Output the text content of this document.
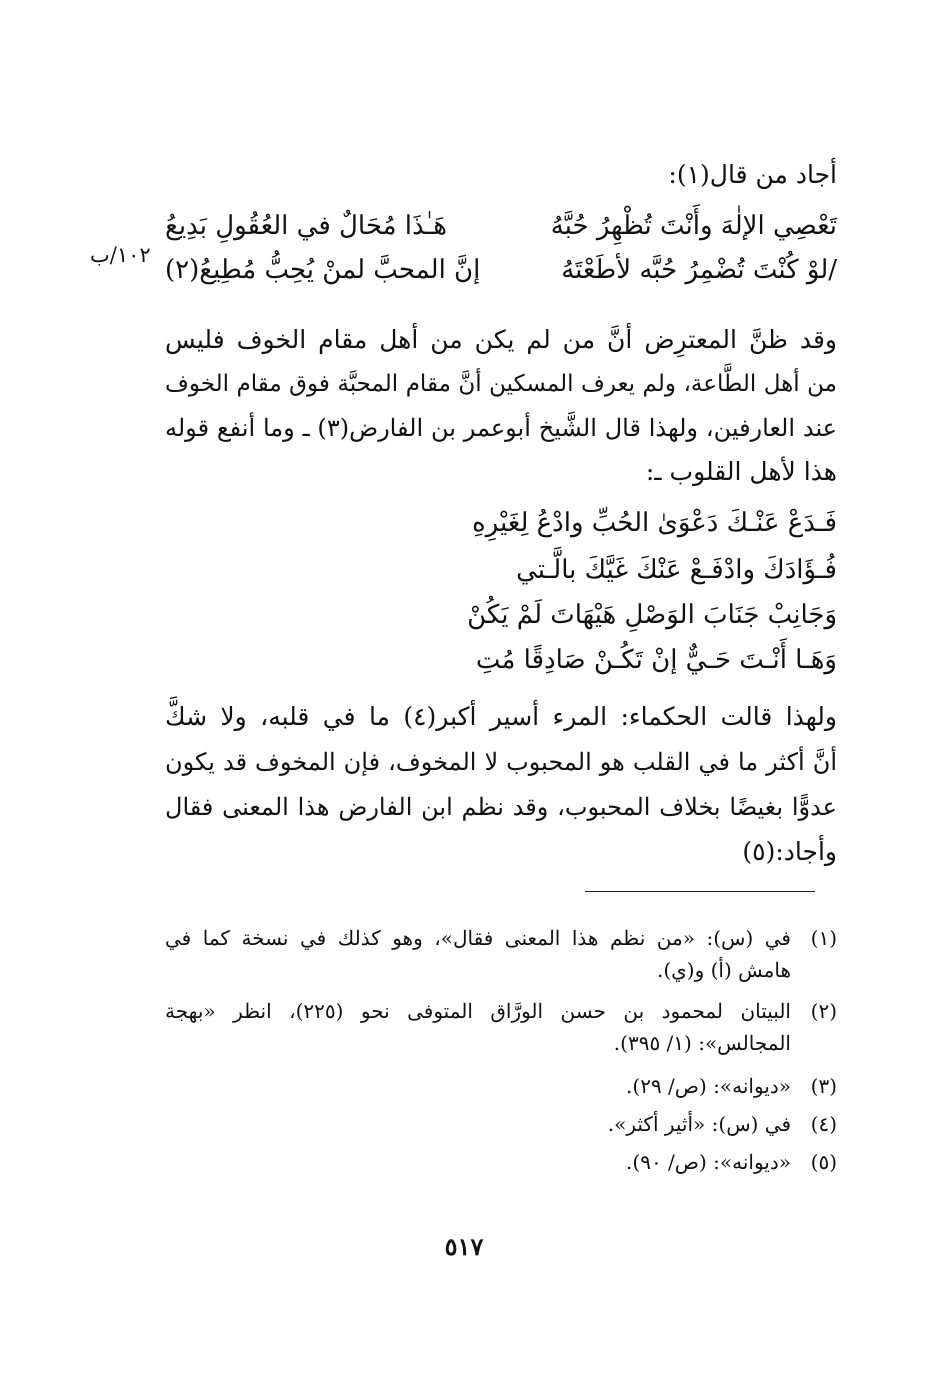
١٠٢/ب
أجاد من قال(١):
تَعْصِي الإلٰهَ وأَنْتَ تُظْهِرُ حُبَّهُ
هَـٰذَا مُحَالٌ في العُقُولِ بَدِيعُ
/لوْ كُنْتَ تُضْمِرُ حُبَّه لأطَعْتَهُ
إنَّ المحبَّ لمنْ يُحِبُّ مُطِيعُ(٢)
وقد ظنَّ المعترِض أنَّ من لم يكن من أهل مقام الخوف فليس
من أهل الطَّاعة، ولم يعرف المسكين أنَّ مقام المحبَّة فوق مقام الخوف
عند العارفين، ولهذا قال الشَّيخ أبوعمر بن الفارض(٣) ـ وما أنفع قوله
هذا لأهل القلوب ـ:
فَـدَعْ عَنْـكَ دَعْوَىٰ الحُبِّ وادْعُ لِغَيْرِهِ
فُـؤَادَكَ وادْفَـعْ عَنْكَ غَيَّكَ بالَّـتي
وَجَانِبْ جَنَابَ الوَصْلِ هَيْهَاتَ لَمْ يَكُنْ
وَهَـا أَنْـتَ حَـيٌّ إنْ تَكُـنْ صَادِقًا مُتِ
ولهذا قالت الحكماء: المرء أسير أكبر(٤) ما في قلبه، ولا شكَّ
أنَّ أكثر ما في القلب هو المحبوب لا المخوف، فإن المخوف قد يكون
عدوًّا بغيضًا بخلاف المحبوب، وقد نظم ابن الفارض هذا المعنى فقال
وأجاد:(٥)
(١)
في (س): «من نظم هذا المعنى فقال»، وهو كذلك في نسخة كما في
هامش (أ) و(ي).
(٢)
البيتان لمحمود بن حسن الورَّاق المتوفى نحو (٢٢٥)، انظر «بهجة
المجالس»: (١/ ٣٩٥).
(٣)
«ديوانه»: (ص/ ٢٩).
(٤)
في (س): «أثير أكثر».
(٥)
«ديوانه»: (ص/ ٩٠).
٥١٧
